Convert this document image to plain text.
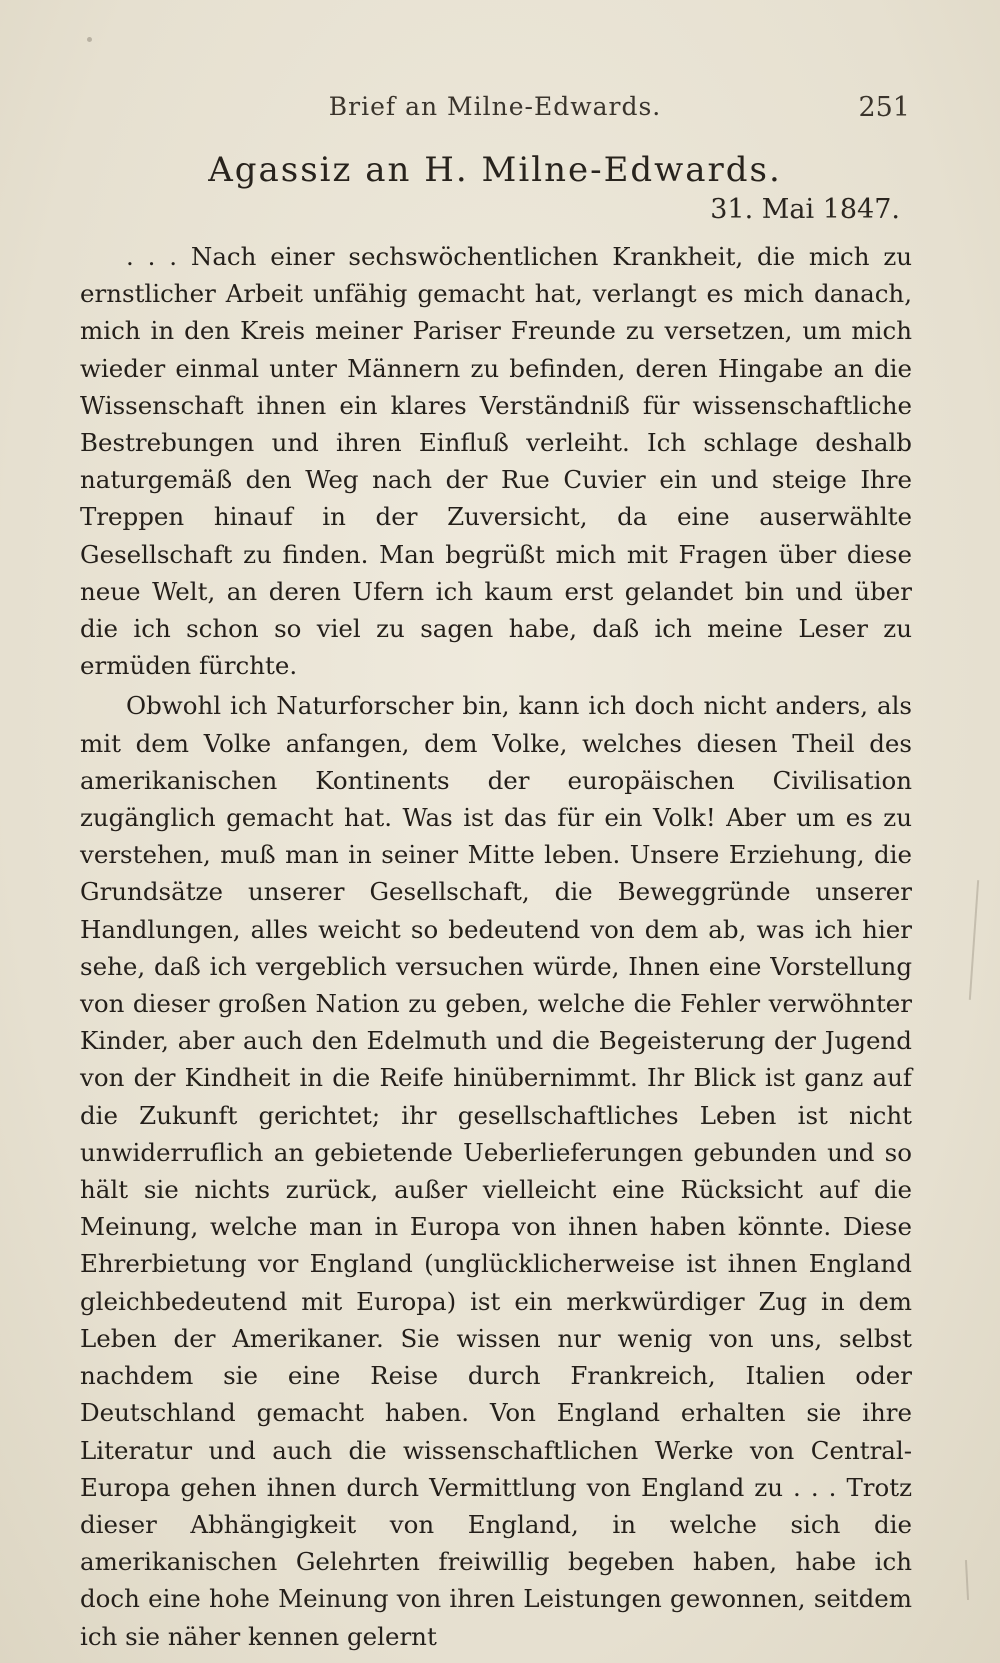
Brief an Milne-Edwards.	251
Agassiz an H. Milne-Edwards.
31. Mai 1847.

. . . Nach einer sechswöchentlichen Krankheit, die mich zu ernstlicher Arbeit unfähig gemacht hat, verlangt es mich danach, mich in den Kreis meiner Pariser Freunde zu versetzen, um mich wieder einmal unter Männern zu befinden, deren Hingabe an die Wissenschaft ihnen ein klares Verständniß für wissenschaftliche Bestrebungen und ihren Einfluß verleiht. Ich schlage deshalb naturgemäß den Weg nach der Rue Cuvier ein und steige Ihre Treppen hinauf in der Zuversicht, da eine auserwählte Gesellschaft zu finden. Man begrüßt mich mit Fragen über diese neue Welt, an deren Ufern ich kaum erst gelandet bin und über die ich schon so viel zu sagen habe, daß ich meine Leser zu ermüden fürchte.

Obwohl ich Naturforscher bin, kann ich doch nicht anders, als mit dem Volke anfangen, dem Volke, welches diesen Theil des amerikanischen Kontinents der europäischen Civilisation zugänglich gemacht hat. Was ist das für ein Volk! Aber um es zu verstehen, muß man in seiner Mitte leben. Unsere Erziehung, die Grundsätze unserer Gesellschaft, die Beweggründe unserer Handlungen, alles weicht so bedeutend von dem ab, was ich hier sehe, daß ich vergeblich versuchen würde, Ihnen eine Vorstellung von dieser großen Nation zu geben, welche die Fehler verwöhnter Kinder, aber auch den Edelmuth und die Begeisterung der Jugend von der Kindheit in die Reife hinübernimmt. Ihr Blick ist ganz auf die Zukunft gerichtet; ihr gesellschaftliches Leben ist nicht unwiderruflich an gebietende Ueberlieferungen gebunden und so hält sie nichts zurück, außer vielleicht eine Rücksicht auf die Meinung, welche man in Europa von ihnen haben könnte. Diese Ehrerbietung vor England (unglücklicherweise ist ihnen England gleichbedeutend mit Europa) ist ein merkwürdiger Zug in dem Leben der Amerikaner. Sie wissen nur wenig von uns, selbst nachdem sie eine Reise durch Frankreich, Italien oder Deutschland gemacht haben. Von England erhalten sie ihre Literatur und auch die wissenschaftlichen Werke von Central-Europa gehen ihnen durch Vermittlung von England zu . . . Trotz dieser Abhängigkeit von England, in welche sich die amerikanischen Gelehrten freiwillig begeben haben, habe ich doch eine hohe Meinung von ihren Leistungen gewonnen, seitdem ich sie näher kennen gelernt
